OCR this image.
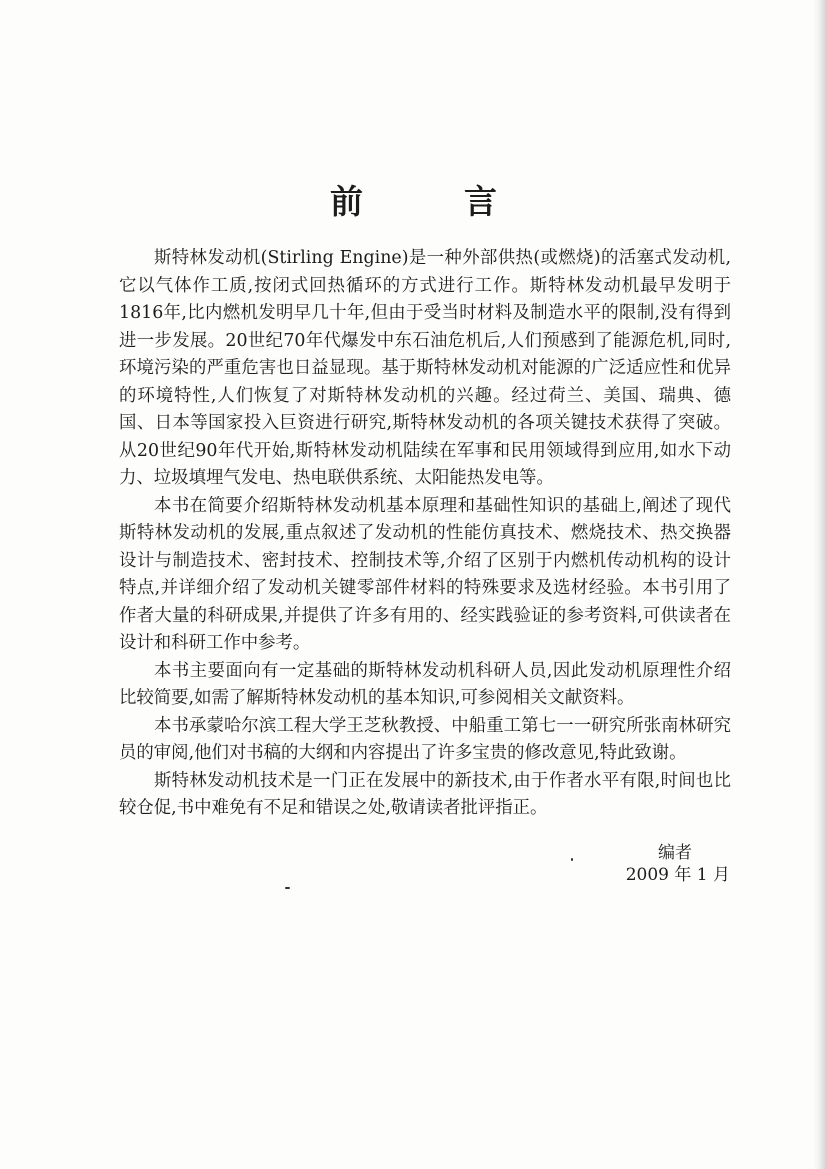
前　言

斯特林发动机(Stirling Engine)是一种外部供热(或燃烧)的活塞式发动机,它以气体作工质,按闭式回热循环的方式进行工作。斯特林发动机最早发明于1816年,比内燃机发明早几十年,但由于受当时材料及制造水平的限制,没有得到进一步发展。20世纪70年代爆发中东石油危机后,人们预感到了能源危机,同时,环境污染的严重危害也日益显现。基于斯特林发动机对能源的广泛适应性和优异的环境特性,人们恢复了对斯特林发动机的兴趣。经过荷兰、美国、瑞典、德国、日本等国家投入巨资进行研究,斯特林发动机的各项关键技术获得了突破。从20世纪90年代开始,斯特林发动机陆续在军事和民用领域得到应用,如水下动力、垃圾填埋气发电、热电联供系统、太阳能热发电等。

本书在简要介绍斯特林发动机基本原理和基础性知识的基础上,阐述了现代斯特林发动机的发展,重点叙述了发动机的性能仿真技术、燃烧技术、热交换器设计与制造技术、密封技术、控制技术等,介绍了区别于内燃机传动机构的设计特点,并详细介绍了发动机关键零部件材料的特殊要求及选材经验。本书引用了作者大量的科研成果,并提供了许多有用的、经实践验证的参考资料,可供读者在设计和科研工作中参考。

本书主要面向有一定基础的斯特林发动机科研人员,因此发动机原理性介绍比较简要,如需了解斯特林发动机的基本知识,可参阅相关文献资料。

本书承蒙哈尔滨工程大学王芝秋教授、中船重工第七一一研究所张南林研究员的审阅,他们对书稿的大纲和内容提出了许多宝贵的修改意见,特此致谢。

斯特林发动机技术是一门正在发展中的新技术,由于作者水平有限,时间也比较仓促,书中难免有不足和错误之处,敬请读者批评指正。

编者
2009 年 1 月
